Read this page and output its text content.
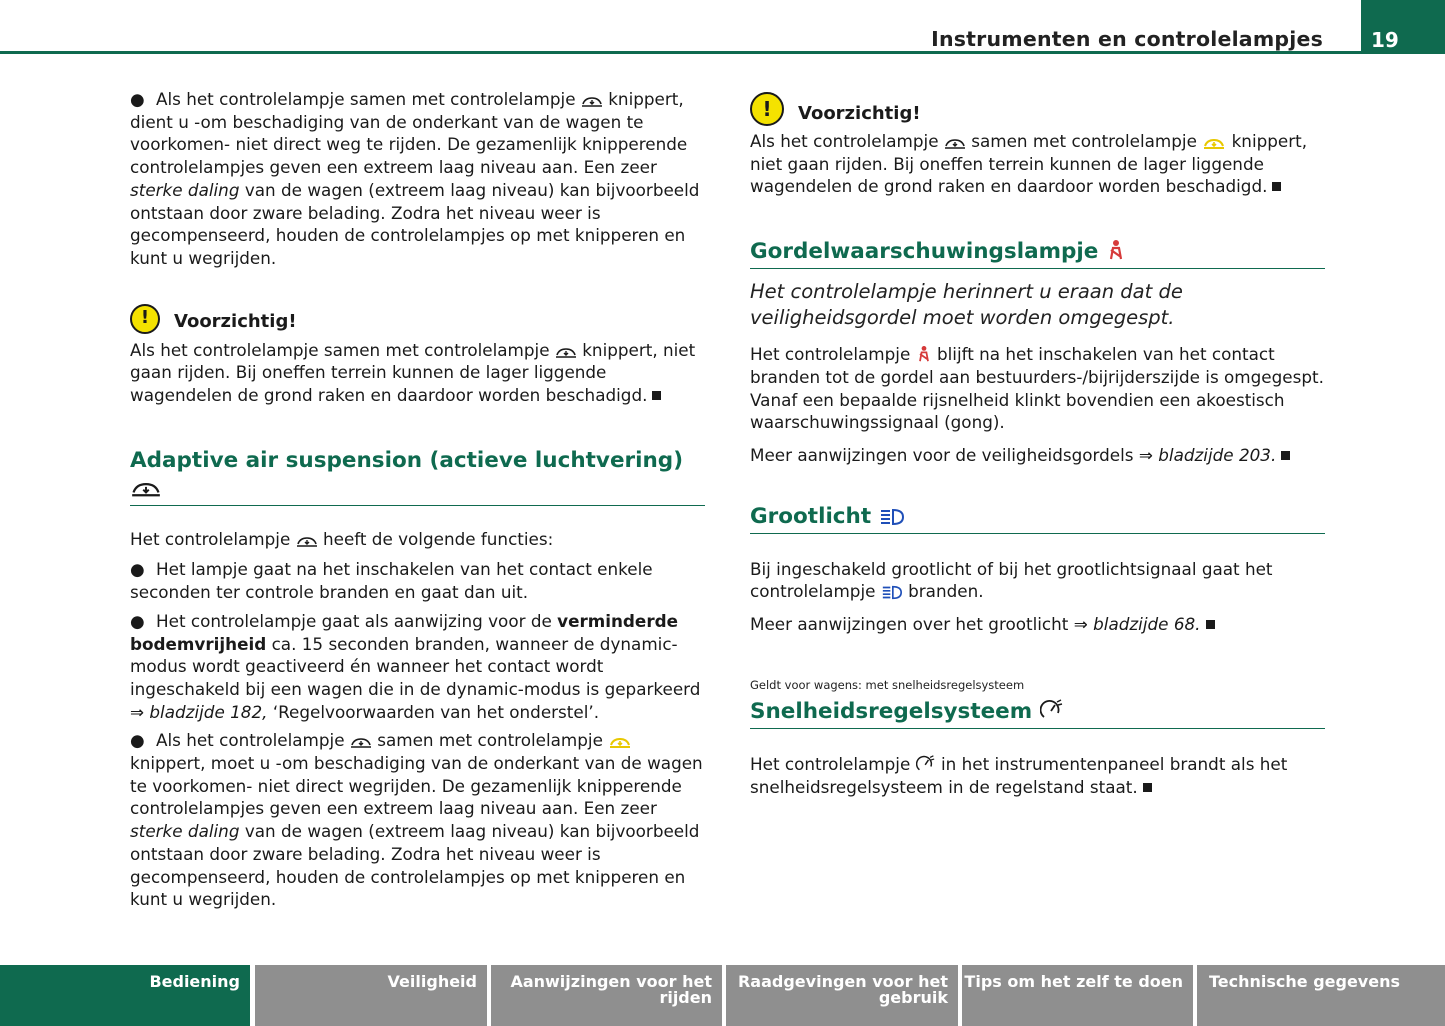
Instrumenten en controlelampjes 19

● Als het controlelampje samen met controlelampje knippert, dient u -om beschadiging van de onderkant van de wagen te voorkomen- niet direct weg te rijden. De gezamenlijk knipperende controlelampjes geven een extreem laag niveau aan. Een zeer sterke daling van de wagen (extreem laag niveau) kan bijvoorbeeld ontstaan door zware belading. Zodra het niveau weer is gecompenseerd, houden de controlelampjes op met knipperen en kunt u wegrijden.

!	Voorzichtig!

Als het controlelampje samen met controlelampje knippert, niet gaan rijden. Bij oneffen terrein kunnen de lager liggende wagendelen de grond raken en daardoor worden beschadigd.

Adaptive air suspension (actieve luchtvering)

Het controlelampje heeft de volgende functies:

● Het lampje gaat na het inschakelen van het contact enkele seconden ter controle branden en gaat dan uit.

● Het controlelampje gaat als aanwijzing voor de verminderde bodemvrijheid ca. 15 seconden branden, wanneer de dynamic-modus wordt geactiveerd én wanneer het contact wordt ingeschakeld bij een wagen die in de dynamic-modus is geparkeerd ⇒ bladzijde 182, ‘Regelvoorwaarden van het onderstel’.

● Als het controlelampje samen met controlelampje  knippert, moet u -om beschadiging van de onderkant van de wagen te voorkomen- niet direct wegrijden. De gezamenlijk knipperende controlelampjes geven een extreem laag niveau aan. Een zeer sterke daling van de wagen (extreem laag niveau) kan bijvoorbeeld ontstaan door zware belading. Zodra het niveau weer is gecompenseerd, houden de controlelampjes op met knipperen en kunt u wegrijden.

!	Voorzichtig!

Als het controlelampje samen met controlelampje knippert, niet gaan rijden. Bij oneffen terrein kunnen de lager liggende wagendelen de grond raken en daardoor worden beschadigd.

Gordelwaarschuwingslampje

Het controlelampje herinnert u eraan dat de veiligheidsgordel moet worden omgegespt.

Het controlelampje blijft na het inschakelen van het contact branden tot de gordel aan bestuurders-/bijrijderszijde is omgegespt. Vanaf een bepaalde rijsnelheid klinkt bovendien een akoestisch waarschuwingssignaal (gong).

Meer aanwijzingen voor de veiligheidsgordels ⇒ bladzijde 203.

Grootlicht

Bij ingeschakeld grootlicht of bij het grootlichtsignaal gaat het controlelampje branden.

Meer aanwijzingen over het grootlicht ⇒ bladzijde 68.

Geldt voor wagens: met snelheidsregelsysteem

Snelheidsregelsysteem

Het controlelampje in het instrumentenpaneel brandt als het snelheidsregelsysteem in de regelstand staat.

Bediening	Veiligheid	Aanwijzingen voor het rijden
Raadgevingen voor het gebruik
Tips om het zelf te doen	Technische gegevens
